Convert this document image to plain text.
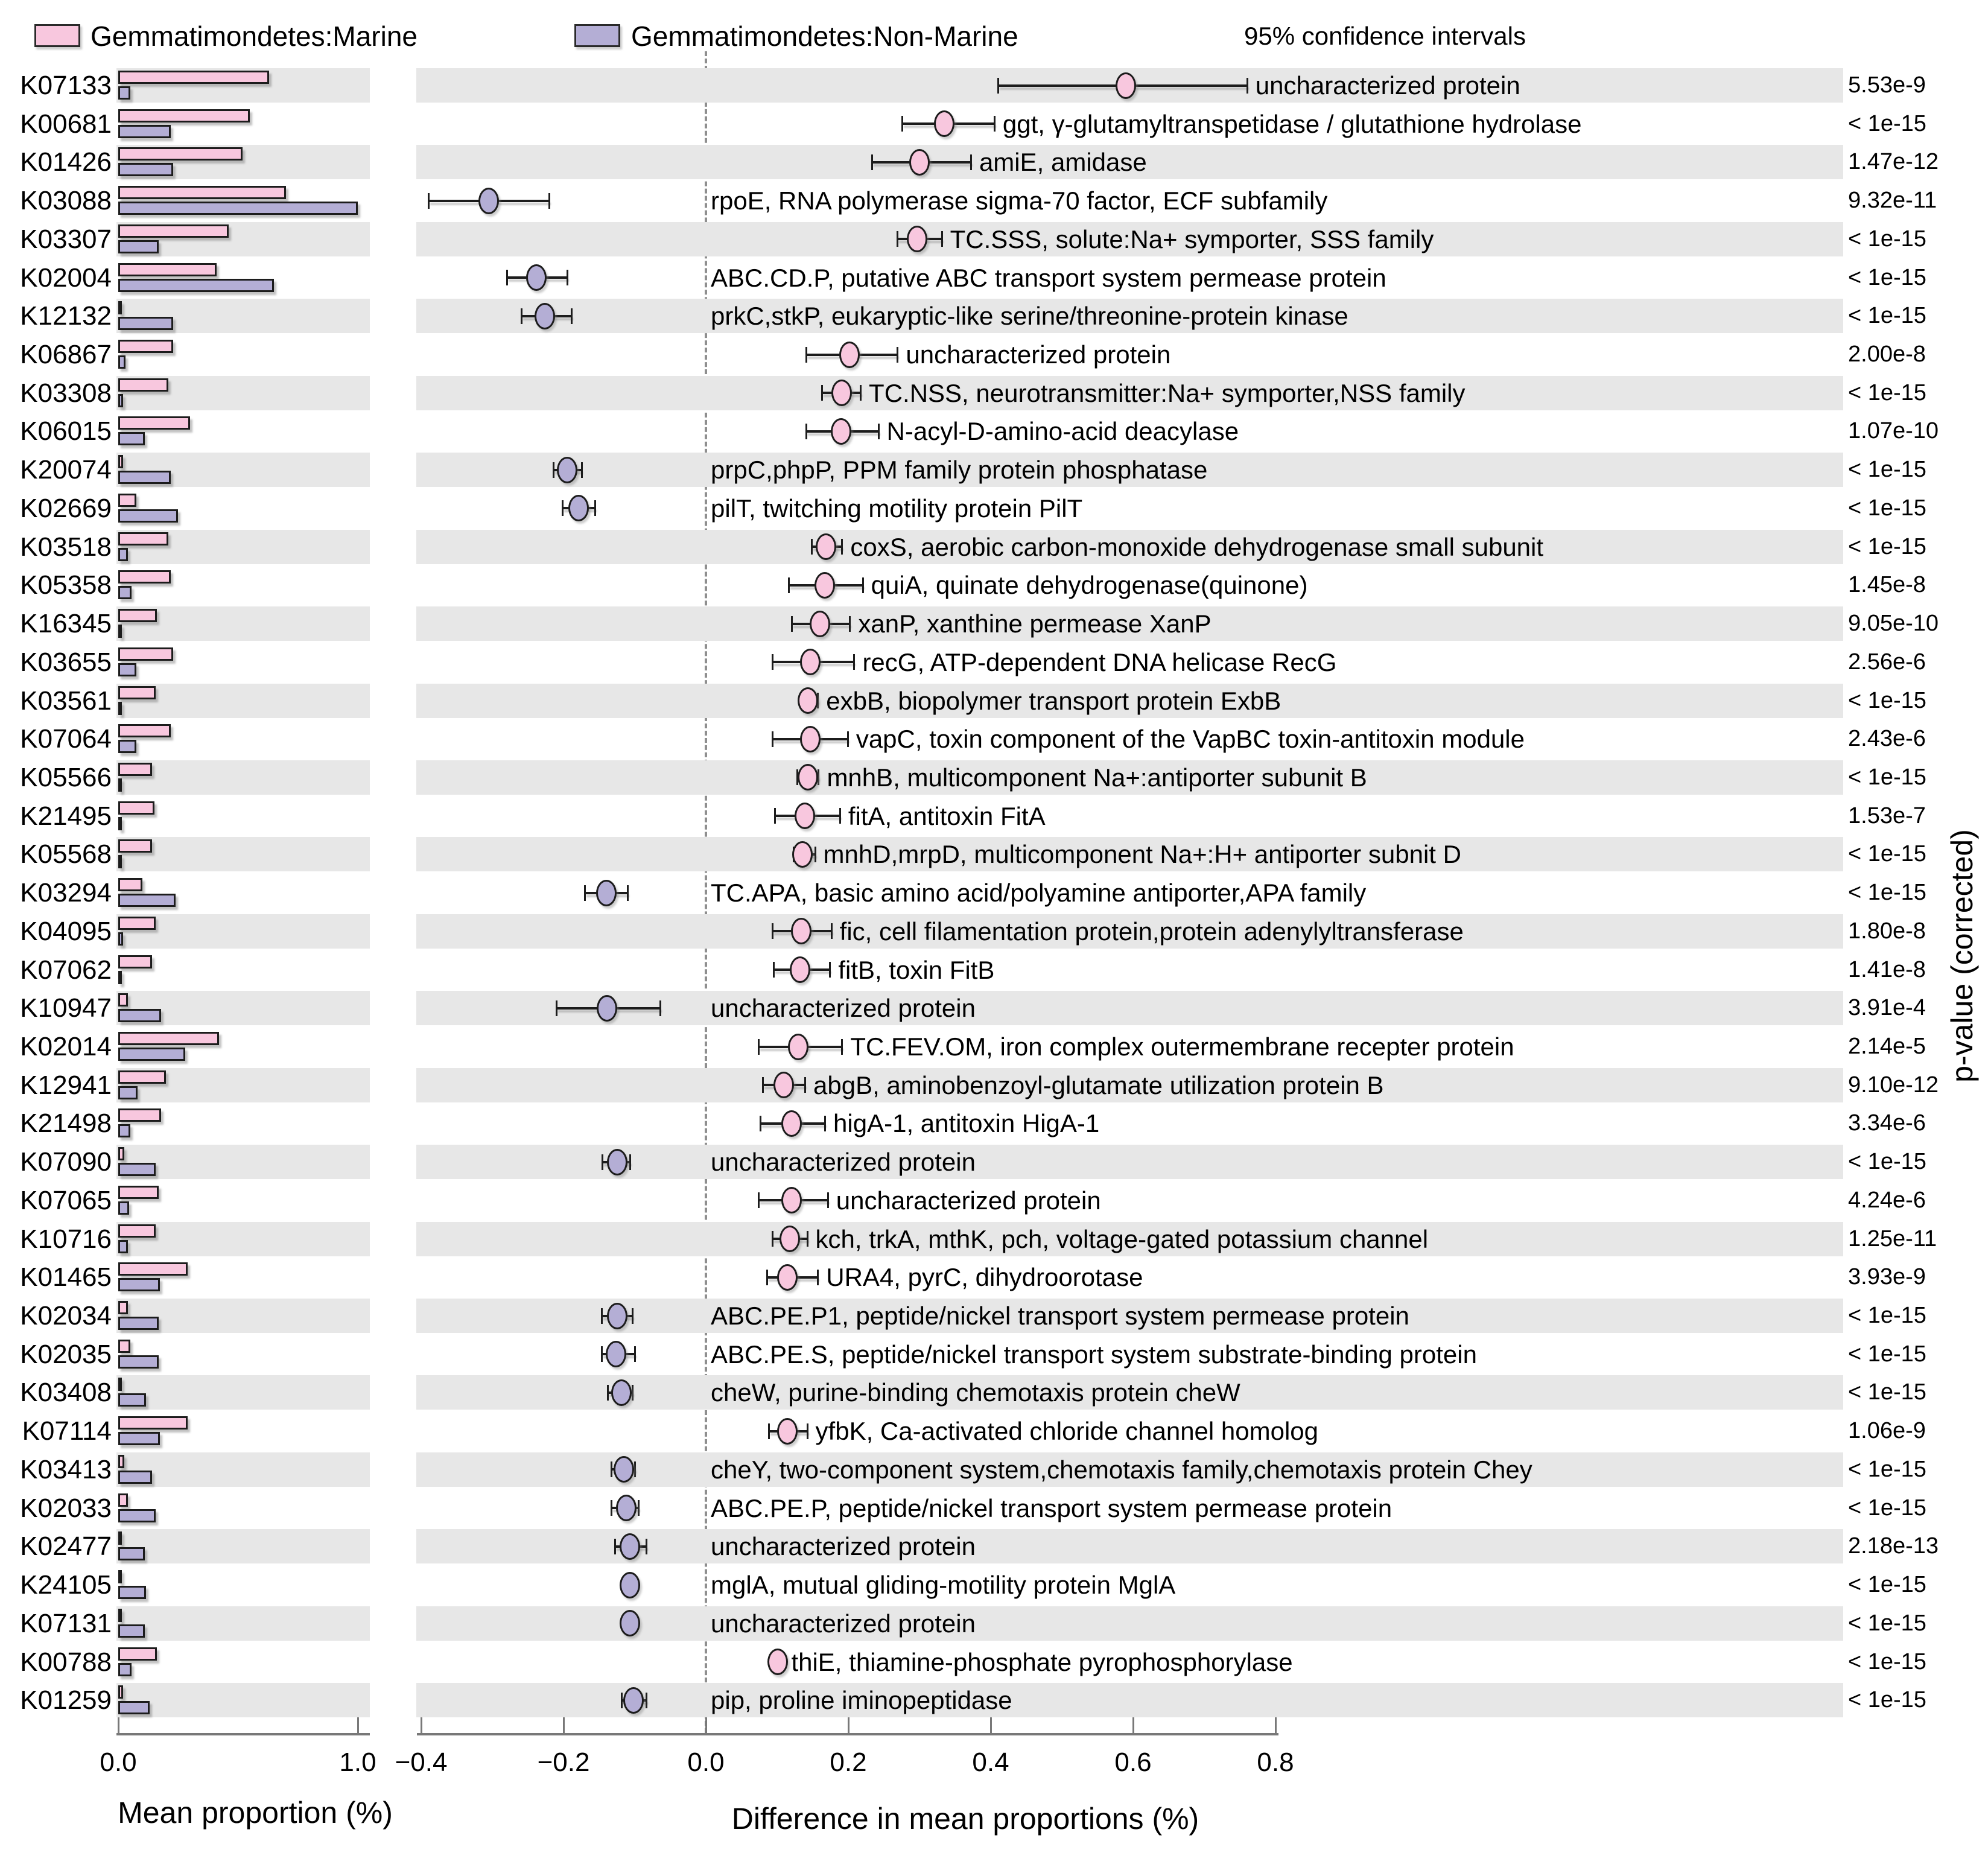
Gemmatimondetes:Marine	Gemmatimondetes:Non-Marine	95% confidence intervals
K07133	uncharacterized protein	5.53e-9
K00681	ggt, γ-glutamyltranspetidase / glutathione hydrolase	< 1e-15
K01426	amiE, amidase	1.47e-12
K03088	rpoE, RNA polymerase sigma-70 factor, ECF subfamily	9.32e-11
K03307	TC.SSS, solute:Na+ symporter, SSS family	< 1e-15
K02004	ABC.CD.P, putative ABC transport system permease protein	< 1e-15
K12132	prkC,stkP, eukaryptic-like serine/threonine-protein kinase	< 1e-15
K06867	uncharacterized protein	2.00e-8
K03308	TC.NSS, neurotransmitter:Na+ symporter,NSS family	< 1e-15
K06015	N-acyl-D-amino-acid deacylase	1.07e-10
K20074	prpC,phpP, PPM family protein phosphatase	< 1e-15
K02669	pilT, twitching motility protein PilT	< 1e-15
K03518	coxS, aerobic carbon-monoxide dehydrogenase small subunit	< 1e-15
K05358	quiA, quinate dehydrogenase(quinone)	1.45e-8
K16345	xanP, xanthine permease XanP	9.05e-10
K03655	recG, ATP-dependent DNA helicase RecG	2.56e-6
K03561	exbB, biopolymer transport protein ExbB	< 1e-15
K07064	vapC, toxin component of the VapBC toxin-antitoxin module	2.43e-6
K05566	mnhB, multicomponent Na+:antiporter subunit B	< 1e-15
K21495	fitA, antitoxin FitA	1.53e-7
K05568	mnhD,mrpD, multicomponent Na+:H+ antiporter subnit D	< 1e-15
K03294	TC.APA, basic amino acid/polyamine antiporter,APA family	< 1e-15
K04095	fic, cell filamentation protein,protein adenylyltransferase	1.80e-8
K07062	fitB, toxin FitB	1.41e-8
K10947	uncharacterized protein	3.91e-4
K02014	TC.FEV.OM, iron complex outermembrane recepter protein	2.14e-5
K12941	abgB, aminobenzoyl-glutamate utilization protein B	9.10e-12
K21498	higA-1, antitoxin HigA-1	3.34e-6
K07090	uncharacterized protein	< 1e-15
K07065	uncharacterized protein	4.24e-6
K10716	kch, trkA, mthK, pch, voltage-gated potassium channel	1.25e-11
K01465	URA4, pyrC, dihydroorotase	3.93e-9
K02034	ABC.PE.P1, peptide/nickel transport system permease protein	< 1e-15
K02035	ABC.PE.S, peptide/nickel transport system substrate-binding protein	< 1e-15
K03408	cheW, purine-binding chemotaxis protein cheW	< 1e-15
K07114	yfbK, Ca-activated chloride channel homolog	1.06e-9
K03413	cheY, two-component system,chemotaxis family,chemotaxis protein Chey	< 1e-15
K02033	ABC.PE.P, peptide/nickel transport system permease protein	< 1e-15
K02477	uncharacterized protein	2.18e-13
K24105	mglA, mutual gliding-motility protein MglA	< 1e-15
K07131	uncharacterized protein	< 1e-15
K00788	thiE, thiamine-phosphate pyrophosphorylase	< 1e-15
K01259	pip, proline iminopeptidase	< 1e-15
0.0	1.0
Mean proportion (%)
−0.4	−0.2	0.0	0.2	0.4	0.6	0.8
Difference in mean proportions (%)
p-value (corrected)
